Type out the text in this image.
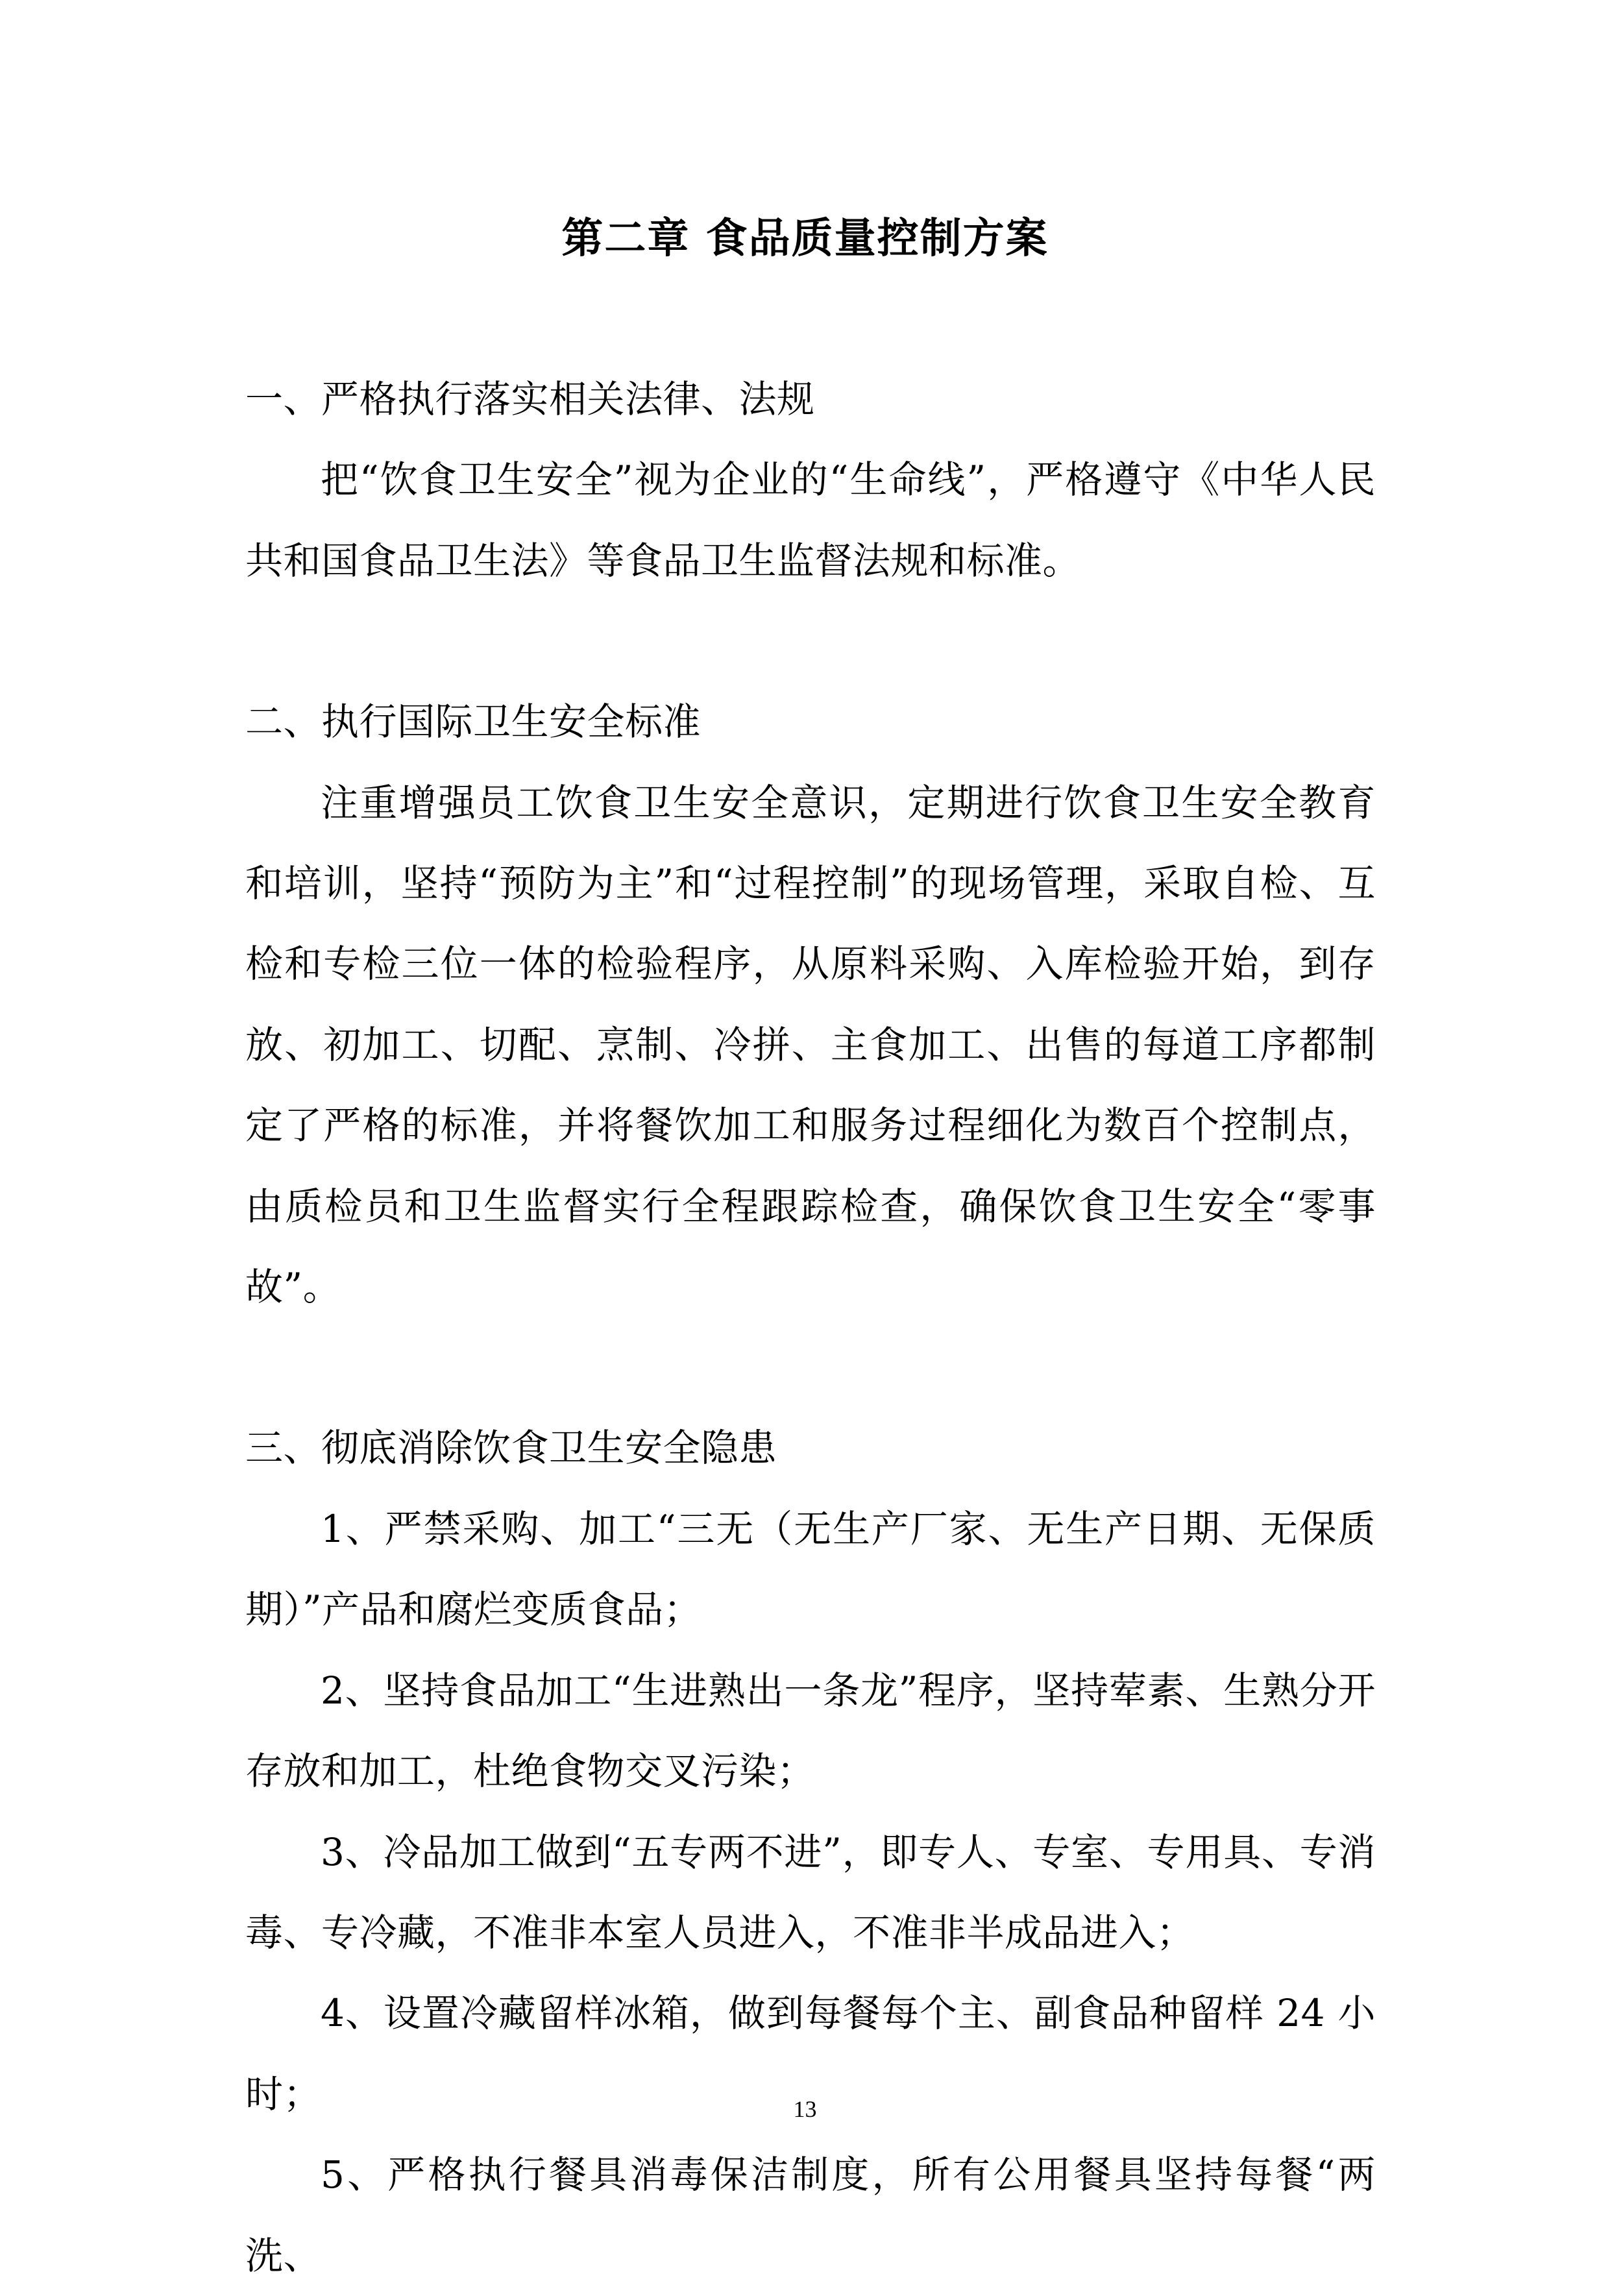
第二章 食品质量控制方案

一、严格执行落实相关法律、法规

把“饮食卫生安全”视为企业的“生命线”，严格遵守《中华人民共和国食品卫生法》等食品卫生监督法规和标准。

二、执行国际卫生安全标准

注重增强员工饮食卫生安全意识，定期进行饮食卫生安全教育和培训，坚持“预防为主”和“过程控制”的现场管理，采取自检、互检和专检三位一体的检验程序，从原料采购、入库检验开始，到存放、初加工、切配、烹制、冷拼、主食加工、出售的每道工序都制定了严格的标准，并将餐饮加工和服务过程细化为数百个控制点，由质检员和卫生监督实行全程跟踪检查，确保饮食卫生安全“零事故”。

三、彻底消除饮食卫生安全隐患

1、严禁采购、加工“三无（无生产厂家、无生产日期、无保质期）”产品和腐烂变质食品；

2、坚持食品加工“生进熟出一条龙”程序，坚持荤素、生熟分开存放和加工，杜绝食物交叉污染；

3、冷品加工做到“五专两不进”，即专人、专室、专用具、专消毒、专冷藏，不准非本室人员进入，不准非半成品进入；

4、设置冷藏留样冰箱，做到每餐每个主、副食品种留样 24 小时；

5、严格执行餐具消毒保洁制度，所有公用餐具坚持每餐“两洗、

13
